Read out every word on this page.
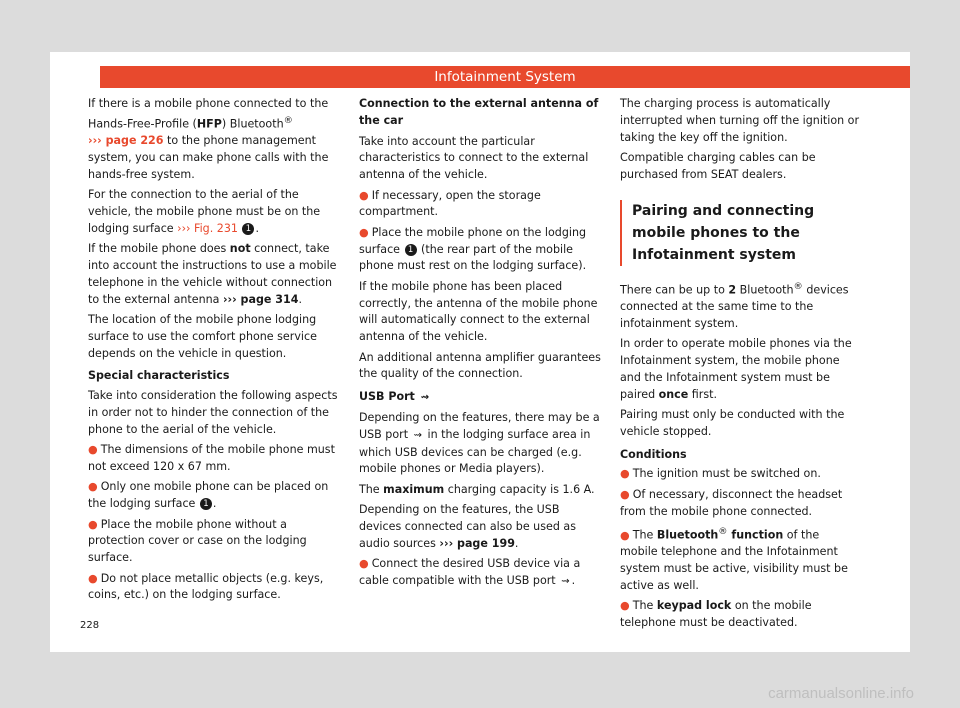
Infotainment System

If there is a mobile phone connected to the Hands-Free-Profile (HFP) Bluetooth®
››› page 226 to the phone management system, you can make phone calls with the hands-free system.

For the connection to the aerial of the vehicle, the mobile phone must be on the lodging surface ››› Fig. 231 1 .

If the mobile phone does not connect, take into account the instructions to use a mobile telephone in the vehicle without connection to the external antenna ››› page 314.

The location of the mobile phone lodging surface to use the comfort phone service depends on the vehicle in question.

Special characteristics

Take into consideration the following aspects in order not to hinder the connection of the phone to the aerial of the vehicle.

● The dimensions of the mobile phone must not exceed 120 x 67 mm.
● Only one mobile phone can be placed on the lodging surface 1 .
● Place the mobile phone without a protection cover or case on the lodging surface.
● Do not place metallic objects (e.g. keys, coins, etc.) on the lodging surface.

Connection to the external antenna of the car

Take into account the particular characteristics to connect to the external antenna of the vehicle.

● If necessary, open the storage compartment.
● Place the mobile phone on the lodging surface 1 (the rear part of the mobile phone must rest on the lodging surface).

If the mobile phone has been placed correctly, the antenna of the mobile phone will automatically connect to the external antenna of the vehicle.

An additional antenna amplifier guarantees the quality of the connection.

USB Port ⇝

Depending on the features, there may be a USB port ⇝ in the lodging surface area in which USB devices can be charged (e.g. mobile phones or Media players).

The maximum charging capacity is 1.6 A.

Depending on the features, the USB devices connected can also be used as audio sources ››› page 199.

● Connect the desired USB device via a cable compatible with the USB port ⇝ .

The charging process is automatically interrupted when turning off the ignition or taking the key off the ignition.

Compatible charging cables can be purchased from SEAT dealers.

Pairing and connecting mobile phones to the Infotainment system

There can be up to 2 Bluetooth® devices connected at the same time to the infotainment system.

In order to operate mobile phones via the Infotainment system, the mobile phone and the Infotainment system must be paired once first.

Pairing must only be conducted with the vehicle stopped.

Conditions

● The ignition must be switched on.
● Of necessary, disconnect the headset from the mobile phone connected.
● The Bluetooth® function of the mobile telephone and the Infotainment system must be active, visibility must be active as well.
● The keypad lock on the mobile telephone must be deactivated.
228
carmanualsonline.info
